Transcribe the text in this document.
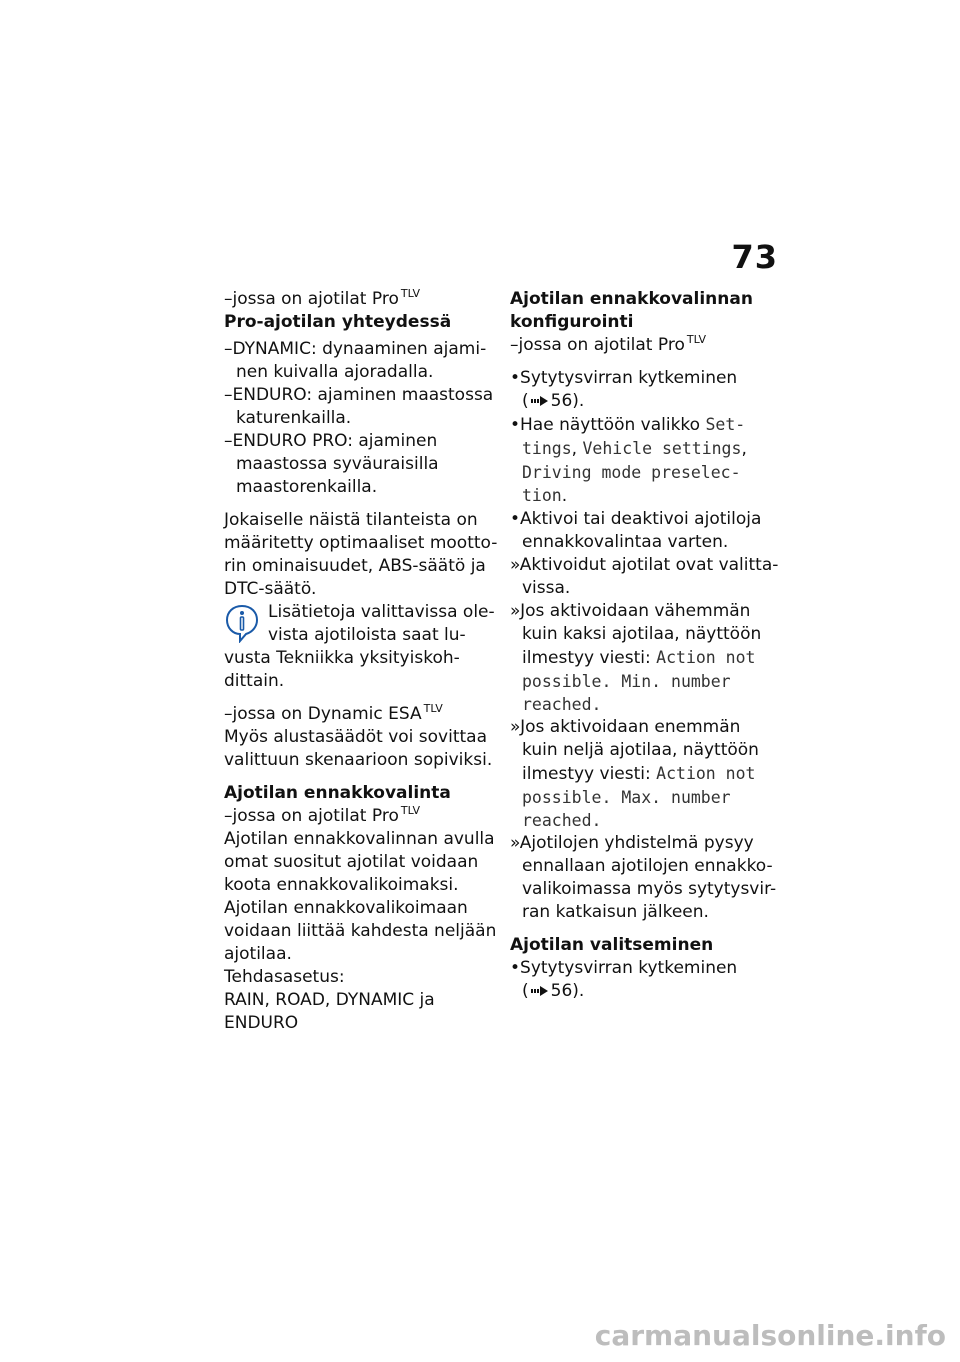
73
–jossa on ajotilat Pro $^{TLV}$
Pro-ajotilan yhteydessä
–DYNAMIC: dynaaminen ajami-
nen kuivalla ajoradalla.
–ENDURO: ajaminen maastossa
katurenkailla.
–ENDURO PRO: ajaminen
maastossa syväuraisilla
maastorenkailla.
Jokaiselle näistä tilanteista on
määritetty optimaaliset mootto-
rin ominaisuudet, ABS-säätö ja
DTC-säätö.
Lisätietoja valittavissa ole-
vista ajotiloista saat lu-
vusta Tekniikka yksityiskoh-
dittain.
–jossa on Dynamic ESA $^{TLV}$
Myös alustasäädöt voi sovittaa
valittuun skenaarioon sopiviksi.
Ajotilan ennakkovalinta
–jossa on ajotilat Pro $^{TLV}$
Ajotilan ennakkovalinnan avulla
omat suositut ajotilat voidaan
koota ennakkovalikoimaksi.
Ajotilan ennakkovalikoimaan
voidaan liittää kahdesta neljään
ajotilaa.
Tehdasasetus:
RAIN, ROAD, DYNAMIC ja
ENDURO
Ajotilan ennakkovalinnan
konfigurointi
–jossa on ajotilat Pro $^{TLV}$
•Sytytysvirran kytkeminen
( 56).
•Hae näyttöön valikko Set-
tings, Vehicle settings,
Driving mode preselec-
tion.
•Aktivoi tai deaktivoi ajotiloja
ennakkovalintaa varten.
»Aktivoidut ajotilat ovat valitta-
vissa.
»Jos aktivoidaan vähemmän
kuin kaksi ajotilaa, näyttöön
ilmestyy viesti: Action not
possible. Min. number
reached.
»Jos aktivoidaan enemmän
kuin neljä ajotilaa, näyttöön
ilmestyy viesti: Action not
possible. Max. number
reached.
»Ajotilojen yhdistelmä pysyy
ennallaan ajotilojen ennakko-
valikoimassa myös sytytysvir-
ran katkaisun jälkeen.
Ajotilan valitseminen
•Sytytysvirran kytkeminen
( 56).
carmanualsonline.info
